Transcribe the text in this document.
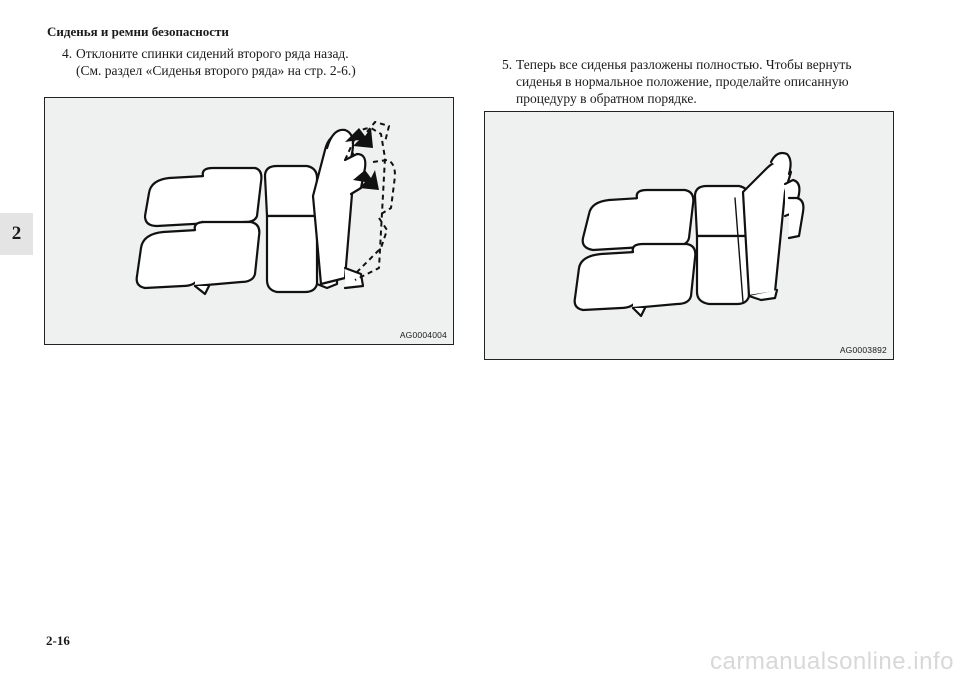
Сиденья и ремни безопасности
2
4. Отклоните спинки сидений второго ряда назад.
(См. раздел «Сиденья второго ряда» на стр. 2-6.)	5. Теперь все сиденья разложены полностью. Чтобы вернуть
сиденья в нормальное положение, проделайте описанную
процедуру в обратном порядке.
AG0004004
AG0003892
2-16
carmanualsonline.info
